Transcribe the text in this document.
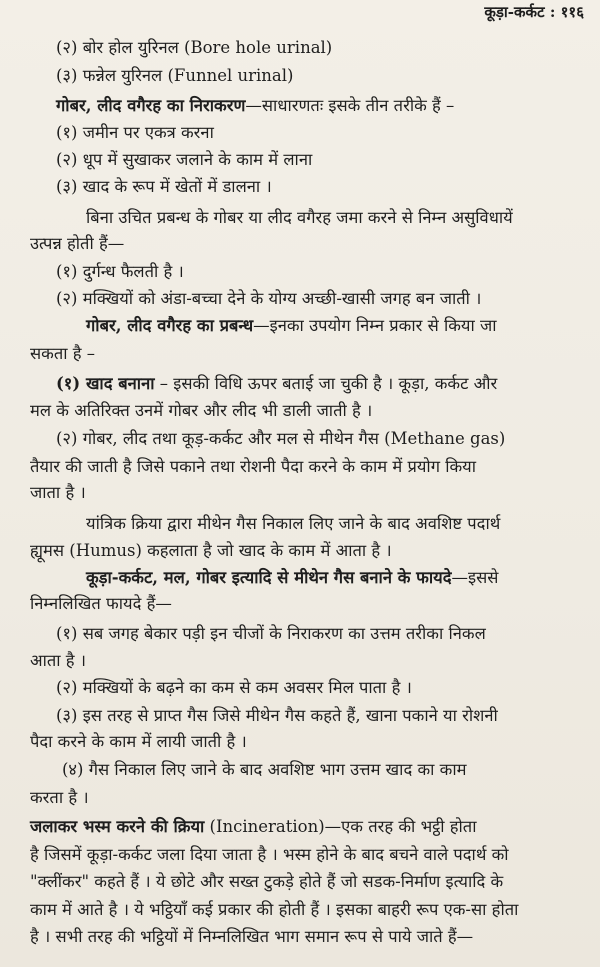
कूड़ा-कर्कट : ११६
(२) बोर होल युरिनल (Bore hole urinal)
(३) फन्नेल युरिनल (Funnel urinal)
गोबर, लीद वगैरह का निराकरण—साधारणतः इसके तीन तरीके हैं –
(१) जमीन पर एकत्र करना
(२) धूप में सुखाकर जलाने के काम में लाना
(३) खाद के रूप में खेतों में डालना ।
बिना उचित प्रबन्ध के गोबर या लीद वगैरह जमा करने से निम्न असुविधायें
उत्पन्न होती हैं—
(१) दुर्गन्ध फैलती है ।
(२) मक्खियों को अंडा-बच्चा देने के योग्य अच्छी-खासी जगह बन जाती ।
गोबर, लीद वगैरह का प्रबन्ध—इनका उपयोग निम्न प्रकार से किया जा
सकता है –
(१) खाद बनाना – इसकी विधि ऊपर बताई जा चुकी है । कूड़ा, कर्कट और
मल के अतिरिक्त उनमें गोबर और लीद भी डाली जाती है ।
(२) गोबर, लीद तथा कूड़-कर्कट और मल से मीथेन गैस (Methane gas)
तैयार की जाती है जिसे पकाने तथा रोशनी पैदा करने के काम में प्रयोग किया
जाता है ।
यांत्रिक क्रिया द्वारा मीथेन गैस निकाल लिए जाने के बाद अवशिष्ट पदार्थ
ह्यूमस (Humus) कहलाता है जो खाद के काम में आता है ।
कूड़ा-कर्कट, मल, गोबर इत्यादि से मीथेन गैस बनाने के फायदे—इससे
निम्नलिखित फायदे हैं—
(१) सब जगह बेकार पड़ी इन चीजों के निराकरण का उत्तम तरीका निकल
आता है ।
(२) मक्खियों के बढ़ने का कम से कम अवसर मिल पाता है ।
(३) इस तरह से प्राप्त गैस जिसे मीथेन गैस कहते हैं, खाना पकाने या रोशनी
पैदा करने के काम में लायी जाती है ।
(४) गैस निकाल लिए जाने के बाद अवशिष्ट भाग उत्तम खाद का काम
करता है ।
जलाकर भस्म करने की क्रिया (Incineration)—एक तरह की भट्ठी होता
है जिसमें कूड़ा-कर्कट जला दिया जाता है । भस्म होने के बाद बचने वाले पदार्थ को
"क्लींकर" कहते हैं । ये छोटे और सख्त टुकड़े होते हैं जो सडक-निर्माण इत्यादि के
काम में आते है । ये भट्ठियाँ कई प्रकार की होती हैं । इसका बाहरी रूप एक-सा होता
है । सभी तरह की भट्ठियों में निम्नलिखित भाग समान रूप से पाये जाते हैं—
